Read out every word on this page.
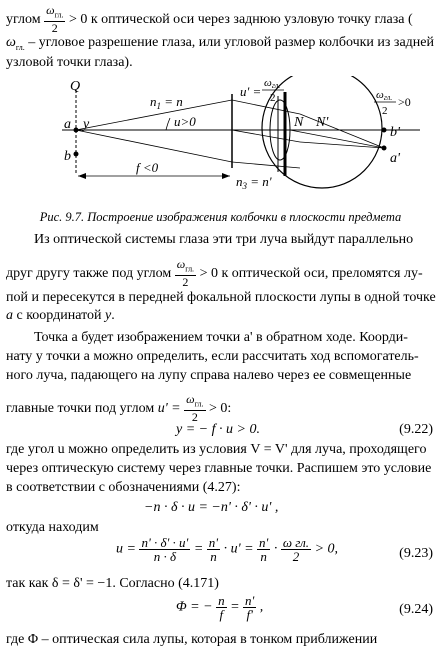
углом $\frac{\omega_{гл.}}{2} > 0$ к оптической оси через заднюю узловую точку глаза (
$\omega_{гл.}$ – угловое разрешение глаза, или угловой размер колбочки из задней
узловой точки глаза).
Q
a y
b
$n_1 = n$
u>0
f <0
$n_3 = n'$
u' =
ωгл.
2
N N'
ωгл.
2
>0
b'
a'
Рис. 9.7. Построение изображения колбочки в плоскости предмета
Из оптической системы глаза эти три луча выйдут параллельно
друг другу также под углом $\frac{\omega_{гл.}}{2} > 0$ к оптической оси, преломятся лу-
пой и пересекутся в передней фокальной плоскости лупы в одной точке
a с координатой y.
Точка a будет изображением точки a' в обратном ходе. Коорди-
нату y точки a можно определить, если рассчитать ход вспомогатель-
ного луча, падающего на лупу справа налево через ее совмещенные
главные точки под углом $u' = \frac{\omega_{гл.}}{2} > 0$:
y = − f · u > 0.	(9.22)
где угол u можно определить из условия V = V' для луча, проходящего
через оптическую систему через главные точки. Распишем это условие
в соответствии с обозначениями (4.27):
−n · δ · u = −n' · δ' · u' ,
откуда находим
$u = \frac{n' \cdot \delta' \cdot u'}{n \cdot \delta} = \frac{n'}{n} \cdot u' = \frac{n'}{n} \cdot \frac{\text{ω гл.}}{2} > 0$,	(9.23)
так как δ = δ' = −1. Согласно (4.171)
Φ = − $\frac{n}{f} = \frac{n'}{f'}$ ,	(9.24)
где Φ – оптическая сила лупы, которая в тонком приближении
